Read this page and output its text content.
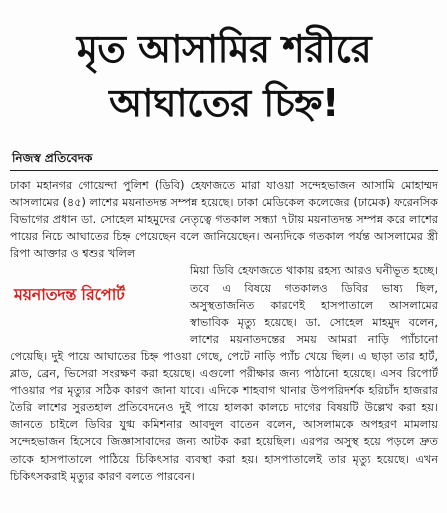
মৃত আসামির শরীরে
আঘাতের চিহ্ন!
নিজস্ব প্রতিবেদক

ঢাকা মহানগর গোয়েন্দা পুলিশ (ডিবি) হেফাজতে মারা যাওয়া সন্দেহভাজন আসামি মোহাম্মদ আসলামের (৪৫) লাশের ময়নাতদন্ত সম্পন্ন হয়েছে। ঢাকা মেডিকেল কলেজের (ঢামেক) ফরেনসিক বিভাগের প্রধান ডা. সোহেল মাহমুদের নেতৃত্বে গতকাল সন্ধ্যা ৭টায় ময়নাতদন্ত সম্পন্ন করে লাশের পায়ের নিচে আঘাতের চিহ্ন পেয়েছেন বলে জানিয়েছেন। অন্যদিকে গতকাল পর্যন্ত আসলামের স্ত্রী রিপা আক্তার ও শ্বশুর খলিল

ময়নাতদন্ত রিপোর্ট

মিয়া ডিবি হেফাজতে থাকায় রহস্য আরও ঘনীভূত হচ্ছে। তবে এ বিষয়ে গতকালও ডিবির ভাষ্য ছিল, অসুস্থতাজনিত কারণেই হাসপাতালে আসলামের স্বাভাবিক মৃত্যু হয়েছে। ডা. সোহেল মাহমুদ বলেন, লাশের ময়নাতদন্তের সময় আমরা নাড়ি প্যাঁচানো পেয়েছি। দুই পায়ে আঘাতের চিহ্ন পাওয়া গেছে, পেটে নাড়ি প্যাঁচ খেয়ে ছিল। এ ছাড়া তার হার্ট, ব্লাড, ব্রেন, ভিসেরা সংরক্ষণ করা হয়েছে। এগুলো পরীক্ষার জন্য পাঠানো হয়েছে। এসব রিপোর্ট পাওয়ার পর মৃত্যুর সঠিক কারণ জানা যাবে। এদিকে শাহবাগ থানার উপপরিদর্শক হরিচাঁদ হাজরার তৈরি লাশের সুরতহাল প্রতিবেদনেও দুই পায়ে হালকা কালচে দাগের বিষয়টি উল্লেখ করা হয়। জানতে চাইলে ডিবির যুগ্ম কমিশনার আবদুল বাতেন বলেন, আসলামকে অপহরণ মামলায় সন্দেহভাজন হিসেবে জিজ্ঞাসাবাদের জন্য আটক করা হয়েছিল। এরপর অসুস্থ হয়ে পড়লে দ্রুত তাকে হাসপাতালে পাঠিয়ে চিকিৎসার ব্যবস্থা করা হয়। হাসপাতালেই তার মৃত্যু হয়েছে। এখন চিকিৎসকরাই মৃত্যুর কারণ বলতে পারবেন।
